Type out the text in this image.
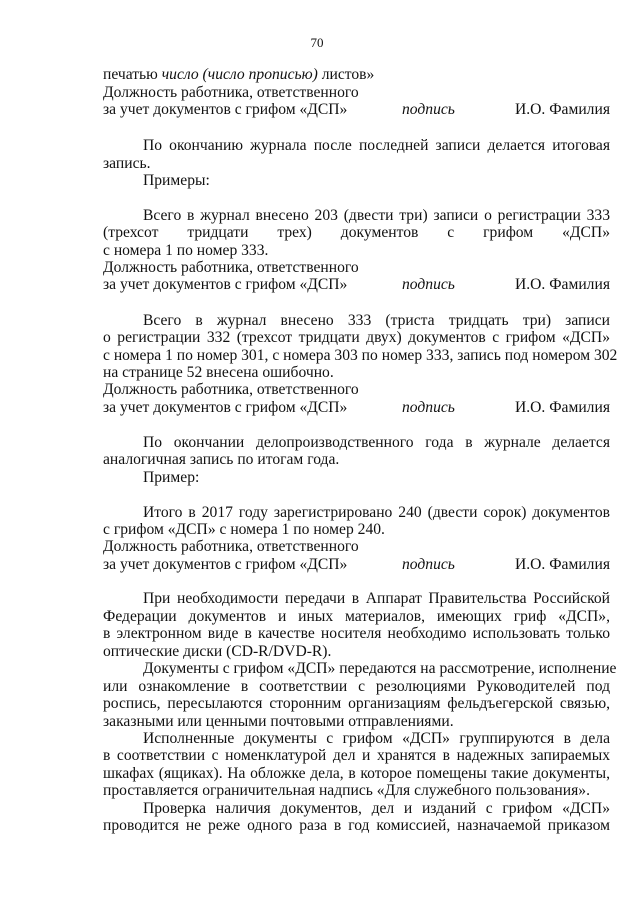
70
печатью число (число прописью) листов»
Должность работника, ответственного
за учет документов с грифом «ДСП»	подпись	И.О. Фамилия
По окончанию журнала после последней записи делается итоговая
запись.
Примеры:
Всего в журнал внесено 203 (двести три) записи о регистрации 333
(трехсот тридцати трех) документов с грифом «ДСП»
с номера 1 по номер 333.
Должность работника, ответственного
за учет документов с грифом «ДСП»	подпись	И.О. Фамилия
Всего в журнал внесено 333 (триста тридцать три) записи
о регистрации 332 (трехсот тридцати двух) документов с грифом «ДСП»
с номера 1 по номер 301, с номера 303 по номер 333, запись под номером 302
на странице 52 внесена ошибочно.
Должность работника, ответственного
за учет документов с грифом «ДСП»	подпись	И.О. Фамилия
По окончании делопроизводственного года в журнале делается
аналогичная запись по итогам года.
Пример:
Итого в 2017 году зарегистрировано 240 (двести сорок) документов
с грифом «ДСП» с номера 1 по номер 240.
Должность работника, ответственного
за учет документов с грифом «ДСП»	подпись	И.О. Фамилия
При необходимости передачи в Аппарат Правительства Российской
Федерации документов и иных материалов, имеющих гриф «ДСП»,
в электронном виде в качестве носителя необходимо использовать только
оптические диски (CD-R/DVD-R).
Документы с грифом «ДСП» передаются на рассмотрение, исполнение
или ознакомление в соответствии с резолюциями Руководителей под
роспись, пересылаются сторонним организациям фельдъегерской связью,
заказными или ценными почтовыми отправлениями.
Исполненные документы с грифом «ДСП» группируются в дела
в соответствии с номенклатурой дел и хранятся в надежных запираемых
шкафах (ящиках). На обложке дела, в которое помещены такие документы,
проставляется ограничительная надпись «Для служебного пользования».
Проверка наличия документов, дел и изданий с грифом «ДСП»
проводится не реже одного раза в год комиссией, назначаемой приказом
